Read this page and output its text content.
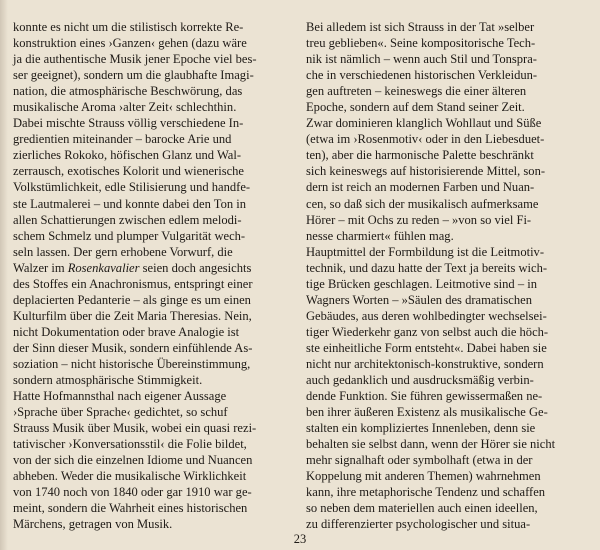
konnte es nicht um die stilistisch korrekte Re-
konstruktion eines ›Ganzen‹ gehen (dazu wäre
ja die authentische Musik jener Epoche viel bes-
ser geeignet), sondern um die glaubhafte Imagi-
nation, die atmosphärische Beschwörung, das
musikalische Aroma ›alter Zeit‹ schlechthin.
Dabei mischte Strauss völlig verschiedene In-
gredientien miteinander – barocke Arie und
zierliches Rokoko, höfischen Glanz und Wal-
zerrausch, exotisches Kolorit und wienerische
Volkstümlichkeit, edle Stilisierung und handfe-
ste Lautmalerei – und konnte dabei den Ton in
allen Schattierungen zwischen edlem melodi-
schem Schmelz und plumper Vulgarität wech-
seln lassen. Der gern erhobene Vorwurf, die
Walzer im Rosenkavalier seien doch angesichts
des Stoffes ein Anachronismus, entspringt einer
deplacierten Pedanterie – als ginge es um einen
Kulturfilm über die Zeit Maria Theresias. Nein,
nicht Dokumentation oder brave Analogie ist
der Sinn dieser Musik, sondern einfühlende As-
soziation – nicht historische Übereinstimmung,
sondern atmosphärische Stimmigkeit.
Hatte Hofmannsthal nach eigener Aussage
›Sprache über Sprache‹ gedichtet, so schuf
Strauss Musik über Musik, wobei ein quasi rezi-
tativischer ›Konversationsstil‹ die Folie bildet,
von der sich die einzelnen Idiome und Nuancen
abheben. Weder die musikalische Wirklichkeit
von 1740 noch von 1840 oder gar 1910 war ge-
meint, sondern die Wahrheit eines historischen
Märchens, getragen von Musik.
Bei alledem ist sich Strauss in der Tat »selber
treu geblieben«. Seine kompositorische Tech-
nik ist nämlich – wenn auch Stil und Tonspra-
che in verschiedenen historischen Verkleidun-
gen auftreten – keineswegs die einer älteren
Epoche, sondern auf dem Stand seiner Zeit.
Zwar dominieren klanglich Wohllaut und Süße
(etwa im ›Rosenmotiv‹ oder in den Liebesduet-
ten), aber die harmonische Palette beschränkt
sich keineswegs auf historisierende Mittel, son-
dern ist reich an modernen Farben und Nuan-
cen, so daß sich der musikalisch aufmerksame
Hörer – mit Ochs zu reden – »von so viel Fi-
nesse charmiert« fühlen mag.
Hauptmittel der Formbildung ist die Leitmotiv-
technik, und dazu hatte der Text ja bereits wich-
tige Brücken geschlagen. Leitmotive sind – in
Wagners Worten – »Säulen des dramatischen
Gebäudes, aus deren wohlbedingter wechselsei-
tiger Wiederkehr ganz von selbst auch die höch-
ste einheitliche Form entsteht«. Dabei haben sie
nicht nur architektonisch-konstruktive, sondern
auch gedanklich und ausdrucksmäßig verbin-
dende Funktion. Sie führen gewissermaßen ne-
ben ihrer äußeren Existenz als musikalische Ge-
stalten ein kompliziertes Innenleben, denn sie
behalten sie selbst dann, wenn der Hörer sie nicht
mehr signalhaft oder symbolhaft (etwa in der
Koppelung mit anderen Themen) wahrnehmen
kann, ihre metaphorische Tendenz und schaffen
so neben dem materiellen auch einen ideellen,
zu differenzierter psychologischer und situa-
23
